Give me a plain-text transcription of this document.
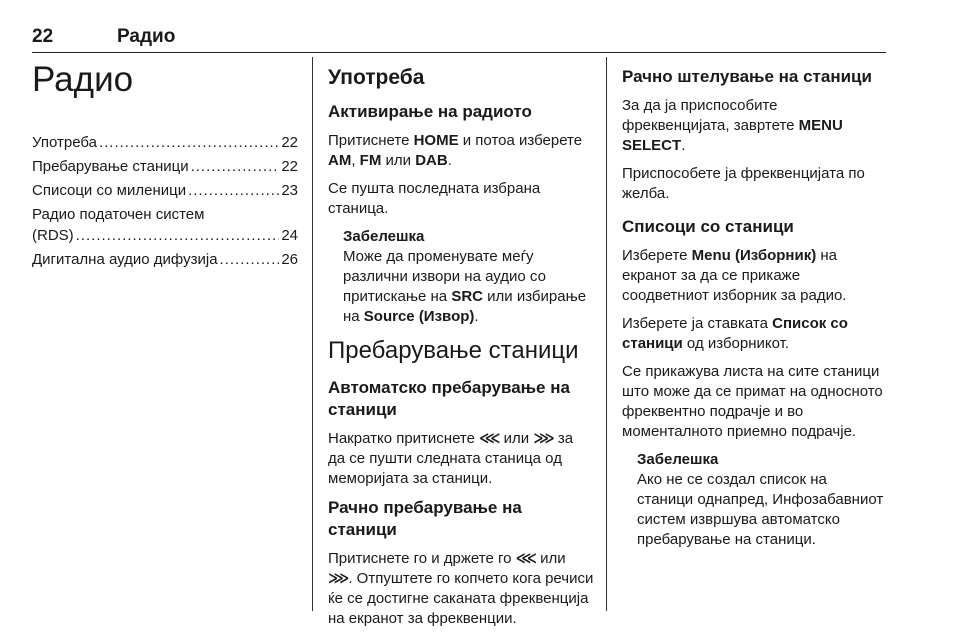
22	Радио
Радио
Употреба .....	22
Пребарување станици .....	22
Списоци со миленици .....	23
Радио податочен систем
(RDS) .....	24
Дигитална аудио дифузија .....	26
Употреба
Активирање на радиото

Притиснете HOME и потоа изберете AM, FM или DAB.

Се пушта последната избрана станица.

Забелешка
Може да променувате меѓу различни извори на аудио со притискање на SRC или избирање на Source (Извор).
Пребарување станици
Автоматско пребарување на станици

Накратко притиснете ⋘ или ⋙ за да се пушти следната станица од меморијата за станици.

Рачно пребарување на станици

Притиснете го и држете го ⋘ или ⋙. Отпуштете го копчето кога речиси ќе се достигне саканата фреквенција на екранот за фреквенции.

Рачно штелување на станици

За да ја приспособите фреквенцијата, завртете MENU SELECT.

Приспособете ја фреквенцијата по желба.

Списоци со станици

Изберете Menu (Изборник) на екранот за да се прикаже соодветниот изборник за радио.

Изберете ја ставката Список со станици од изборникот.

Се прикажува листа на сите станици што може да се примат на односното фреквентно подрачје и во моменталното приемно подрачје.

Забелешка
Ако не се создал список на станици однапред, Инфозабавниот систем извршува автоматско пребарување на станици.
